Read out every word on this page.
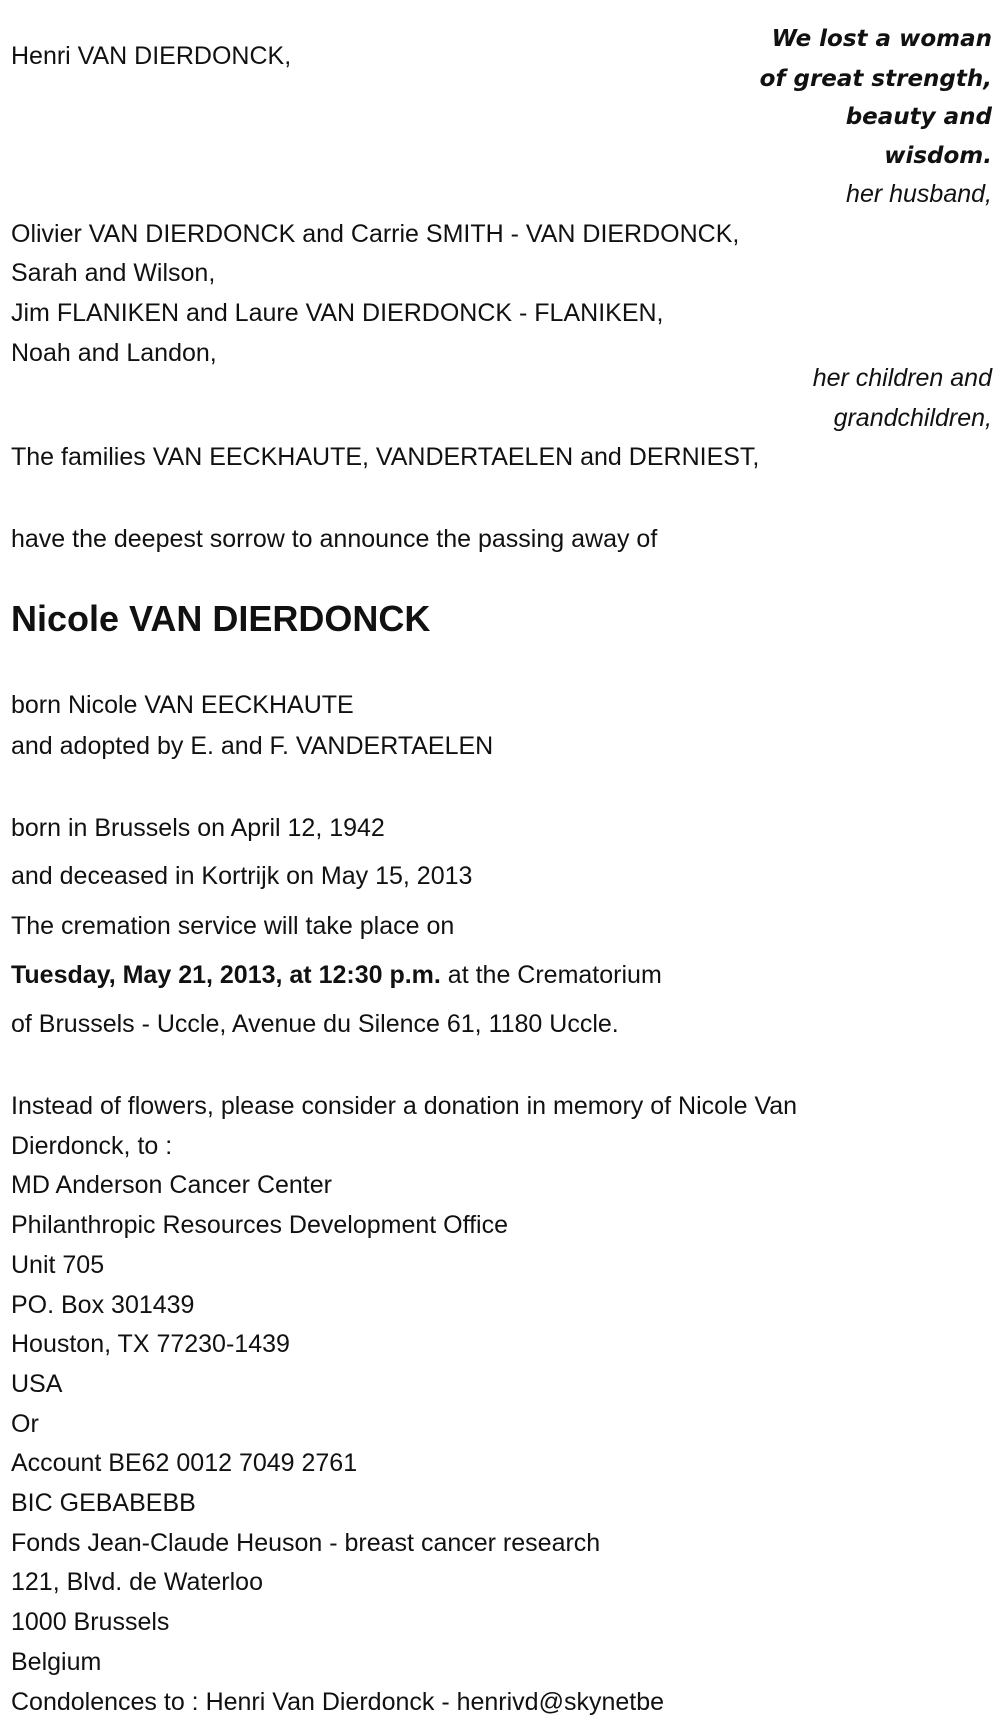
Henri VAN DIERDONCK,
We lost a woman
of great strength,
beauty and
wisdom.
her husband,
Olivier VAN DIERDONCK and Carrie SMITH - VAN DIERDONCK,
Sarah and Wilson,
Jim FLANIKEN and Laure VAN DIERDONCK - FLANIKEN,
Noah and Landon,
her children and
grandchildren,
The families VAN EECKHAUTE, VANDERTAELEN and DERNIEST,
have the deepest sorrow to announce the passing away of
Nicole VAN DIERDONCK
born Nicole VAN EECKHAUTE
and adopted by E. and F. VANDERTAELEN
born in Brussels on April 12, 1942
and deceased in Kortrijk on May 15, 2013
The cremation service will take place on
Tuesday, May 21, 2013, at 12:30 p.m. at the Crematorium
of Brussels - Uccle, Avenue du Silence 61, 1180 Uccle.
Instead of flowers, please consider a donation in memory of Nicole Van
Dierdonck, to :
MD Anderson Cancer Center
Philanthropic Resources Development Office
Unit 705
PO. Box 301439
Houston, TX 77230-1439
USA
Or
Account BE62 0012 7049 2761
BIC GEBABEBB
Fonds Jean-Claude Heuson - breast cancer research
121, Blvd. de Waterloo
1000 Brussels
Belgium
Condolences to : Henri Van Dierdonck - henrivd@skynetbe
